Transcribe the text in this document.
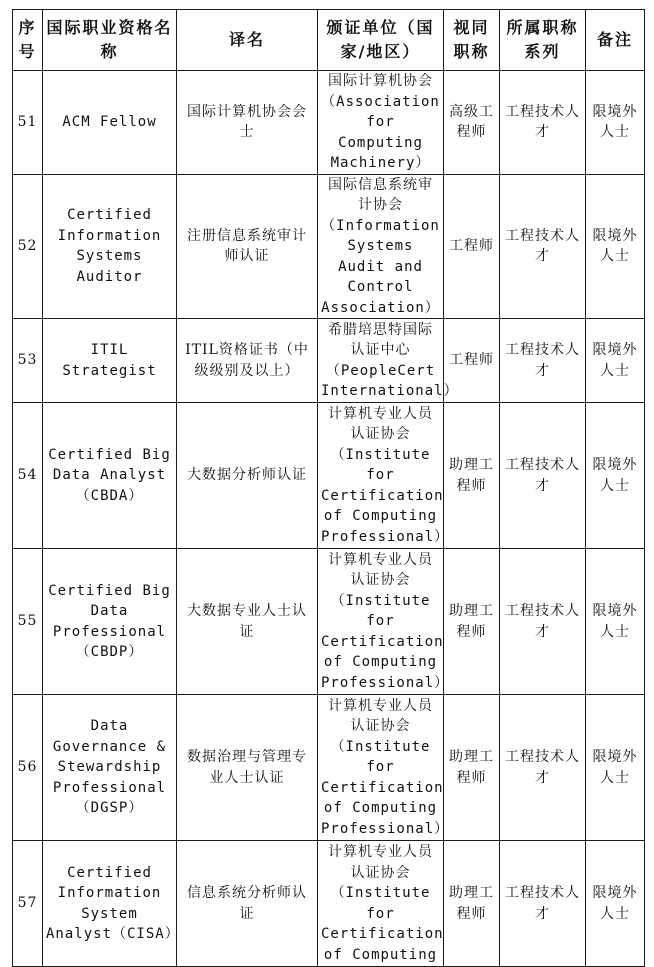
序号	国际职业资格名称	译名	颁证单位（国家/地区）	视同职称	所属职称系列	备注
51	ACM Fellow	国际计算机协会会士	国际计算机协会（Association for Computing Machinery）	高级工程师	工程技术人才	限境外人士
52	Certified Information Systems Auditor	注册信息系统审计师认证	国际信息系统审计协会（Information Systems Audit and Control Association）	工程师	工程技术人才	限境外人士
53	ITIL Strategist	ITIL资格证书（中级级别及以上）	希腊培思特国际认证中心（PeopleCert International）	工程师	工程技术人才	限境外人士
54	Certified Big Data Analyst（CBDA）	大数据分析师认证	计算机专业人员认证协会（Institute for Certification of Computing Professional）	助理工程师	工程技术人才	限境外人士
55	Certified Big Data Professional（CBDP）	大数据专业人士认证	计算机专业人员认证协会（Institute for Certification of Computing Professional）	助理工程师	工程技术人才	限境外人士
56	Data Governance & Stewardship Professional（DGSP）	数据治理与管理专业人士认证	计算机专业人员认证协会（Institute for Certification of Computing Professional）	助理工程师	工程技术人才	限境外人士
57	Certified Information System Analyst（CISA）	信息系统分析师认证	计算机专业人员认证协会（Institute for Certification of Computing	助理工程师	工程技术人才	限境外人士
